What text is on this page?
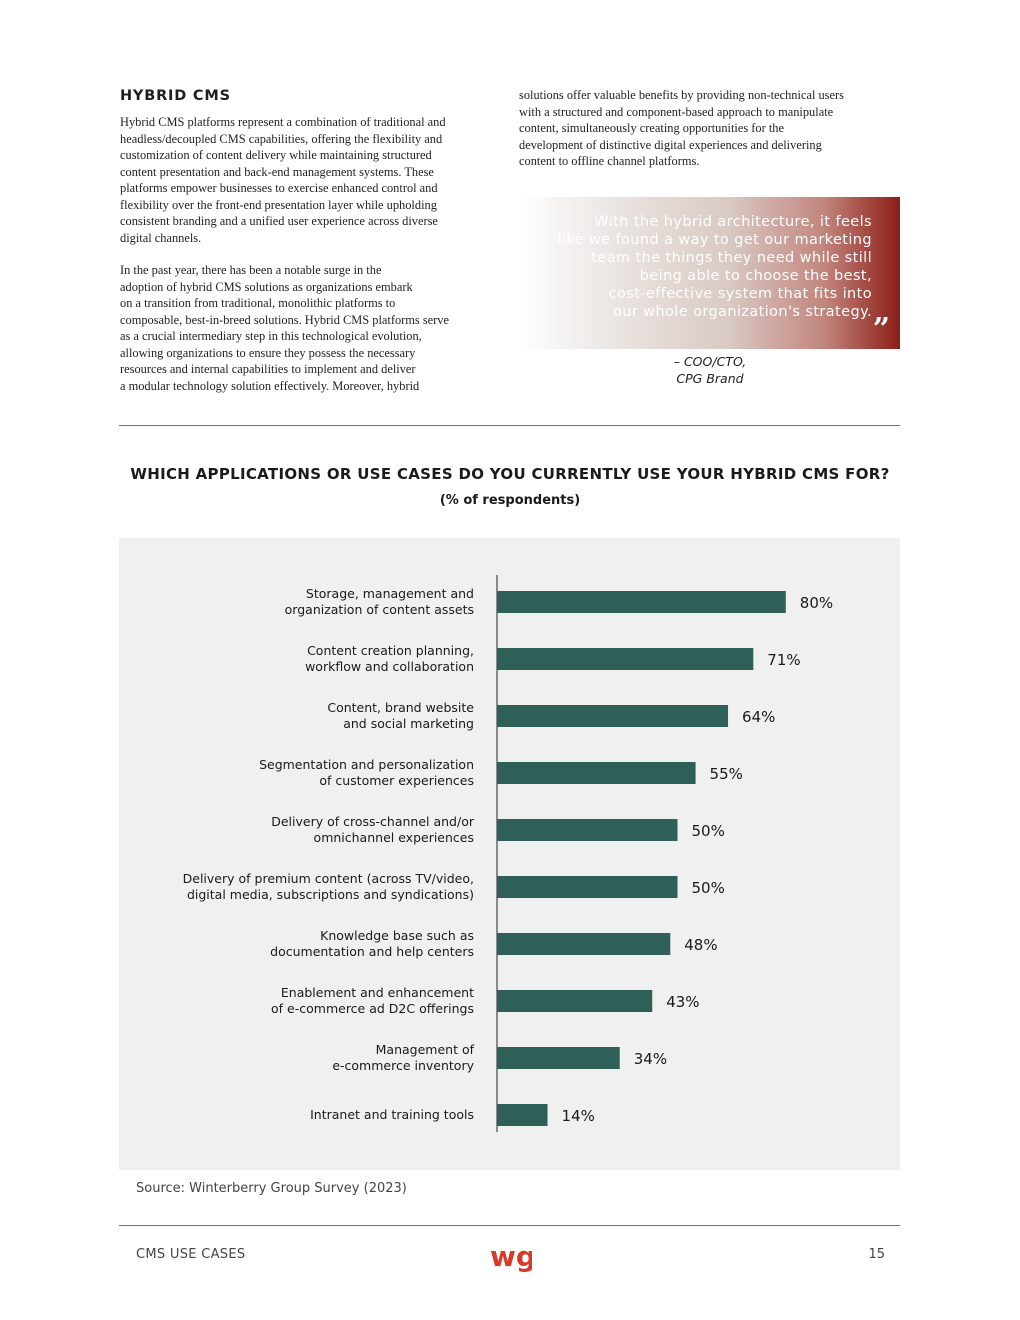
HYBRID CMS
Hybrid CMS platforms represent a combination of traditional and
headless/decoupled CMS capabilities, offering the flexibility and
customization of content delivery while maintaining structured
content presentation and back-end management systems. These
platforms empower businesses to exercise enhanced control and
flexibility over the front-end presentation layer while upholding
consistent branding and a unified user experience across diverse
digital channels.
In the past year, there has been a notable surge in the
adoption of hybrid CMS solutions as organizations embark
on a transition from traditional, monolithic platforms to
composable, best-in-breed solutions. Hybrid CMS platforms serve
as a crucial intermediary step in this technological evolution,
allowing organizations to ensure they possess the necessary
resources and internal capabilities to implement and deliver
a modular technology solution effectively. Moreover, hybrid
solutions offer valuable benefits by providing non-technical users
with a structured and component-based approach to manipulate
content, simultaneously creating opportunities for the
development of distinctive digital experiences and delivering
content to offline channel platforms.
With the hybrid architecture, it feels
like we found a way to get our marketing
team the things they need while still
being able to choose the best,
cost-effective system that fits into
our whole organization's strategy. ”
– COO/CTO,
CPG Brand
WHICH APPLICATIONS OR USE CASES DO YOU CURRENTLY USE YOUR HYBRID CMS FOR?
(% of respondents)
80%
Storage, management and organization of content assets
71%
Content creation planning, workflow and collaboration
64%
Content, brand website and social marketing
55%
Segmentation and personalization of customer experiences
50%
Delivery of cross-channel and/or omnichannel experiences
50%
Delivery of premium content (across TV/video, digital media, subscriptions and syndications)
48%
Knowledge base such as documentation and help centers
43%
Enablement and enhancement of e-commerce ad D2C offerings
34%
Management of e-commerce inventory
14%
Intranet and training tools
Source: Winterberry Group Survey (2023)
CMS USE CASES	wg	15
